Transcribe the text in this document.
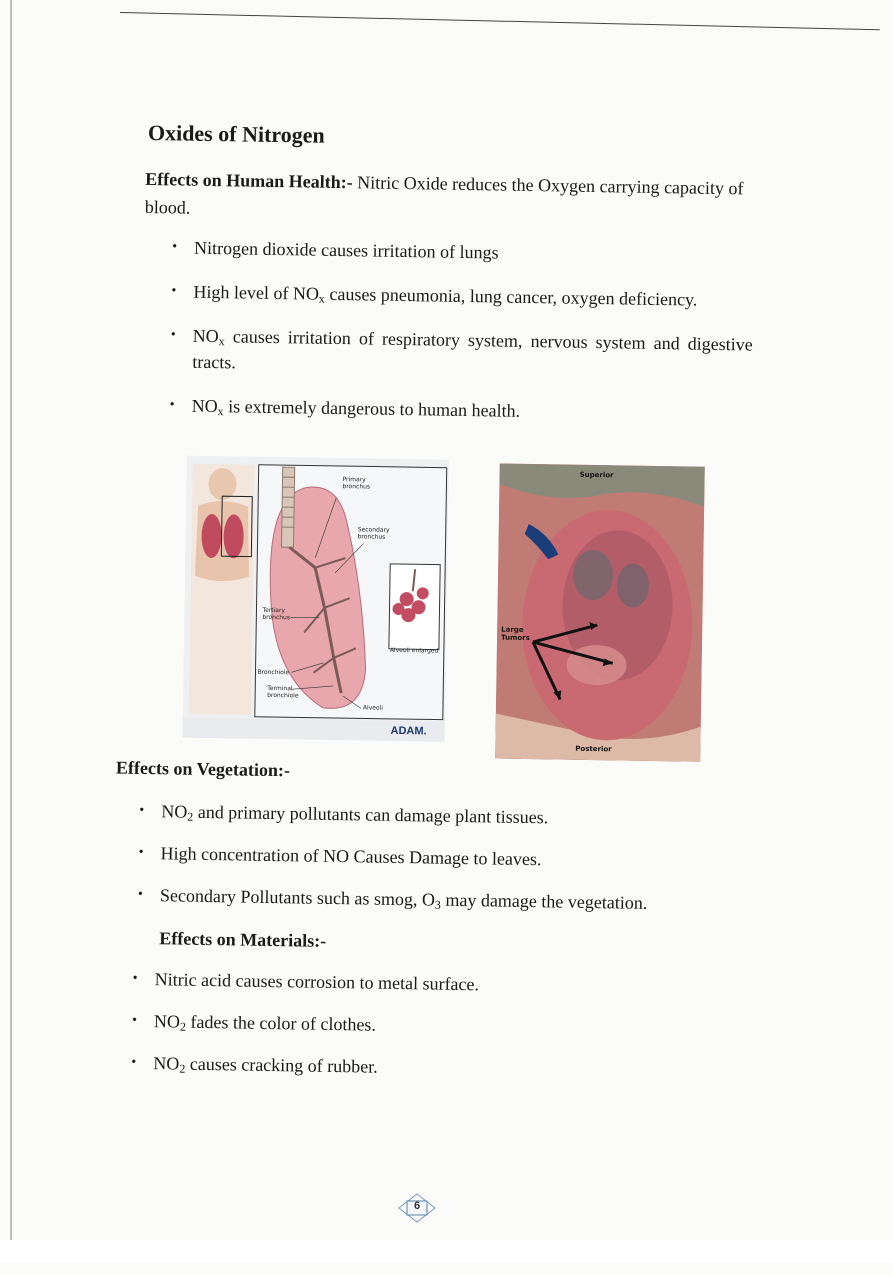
Oxides of Nitrogen
Effects on Human Health:- Nitric Oxide reduces the Oxygen carrying capacity of blood.
• Nitrogen dioxide causes irritation of lungs
• High level of $NO_x$ causes pneumonia, lung cancer, oxygen deficiency.
• $NO_x$ causes irritation of respiratory system, nervous system and digestive tracts.
• $NO_x$ is extremely dangerous to human health.
Primary bronchus
Secondary bronchus
Tertiary bronchus
Alveoli enlarged
Bronchiole
Terminal bronchiole
Alveoli
ADAM.
Superior
Large Tumors
Posterior
Effects on Vegetation:-
• $NO_2$ and primary pollutants can damage plant tissues.
• High concentration of NO Causes Damage to leaves.
• Secondary Pollutants such as smog, $O_3$ may damage the vegetation.
Effects on Materials:-
• Nitric acid causes corrosion to metal surface.
• $NO_2$ fades the color of clothes.
• $NO_2$ causes cracking of rubber.
6
